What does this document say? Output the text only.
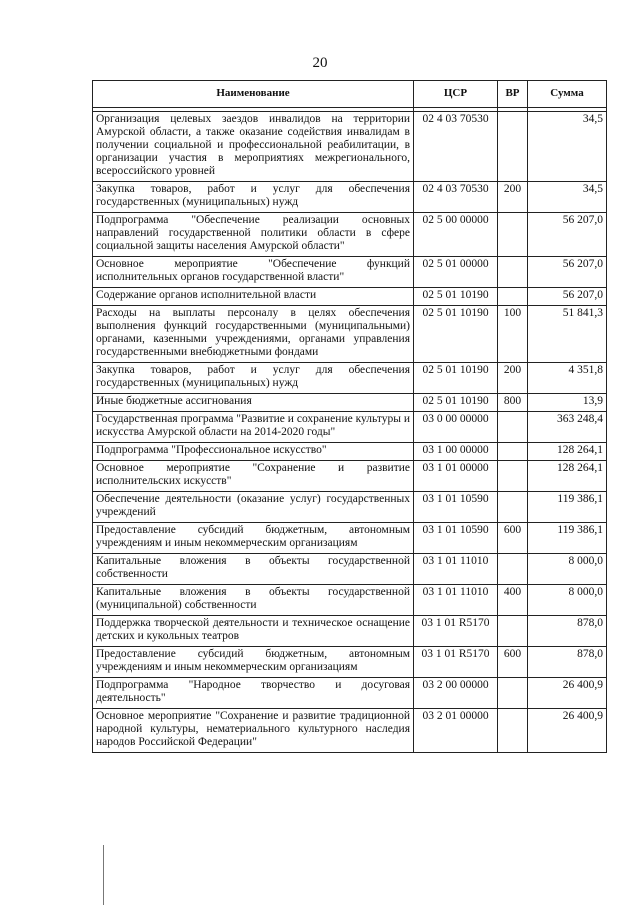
20
Наименование	ЦСР	ВР	Сумма

Организация целевых заездов инвалидов на территории Амурской области, а также оказание содействия инвалидам в получении социальной и профессиональной реабилитации, в организации участия в мероприятиях межрегионального, всероссийского уровней	02 4 03 70530		34,5
Закупка товаров, работ и услуг для обеспечения государственных (муниципальных) нужд	02 4 03 70530	200	34,5
Подпрограмма "Обеспечение реализации основных направлений государственной политики области в сфере социальной защиты населения Амурской области"	02 5 00 00000		56 207,0
Основное мероприятие "Обеспечение функций исполнительных органов государственной власти"	02 5 01 00000		56 207,0
Содержание органов исполнительной власти	02 5 01 10190		56 207,0
Расходы на выплаты персоналу в целях обеспечения выполнения функций государственными (муниципальными) органами, казенными учреждениями, органами управления государственными внебюджетными фондами	02 5 01 10190	100	51 841,3
Закупка товаров, работ и услуг для обеспечения государственных (муниципальных) нужд	02 5 01 10190	200	4 351,8
Иные бюджетные ассигнования	02 5 01 10190	800	13,9
Государственная программа "Развитие и сохранение культуры и искусства Амурской области на 2014-2020 годы"	03 0 00 00000		363 248,4
Подпрограмма "Профессиональное искусство"	03 1 00 00000		128 264,1
Основное мероприятие "Сохранение и развитие исполнительских искусств"	03 1 01 00000		128 264,1
Обеспечение деятельности (оказание услуг) государственных учреждений	03 1 01 10590		119 386,1
Предоставление субсидий бюджетным, автономным учреждениям и иным некоммерческим организациям	03 1 01 10590	600	119 386,1
Капитальные вложения в объекты государственной собственности	03 1 01 11010		8 000,0
Капитальные вложения в объекты государственной (муниципальной) собственности	03 1 01 11010	400	8 000,0
Поддержка творческой деятельности и техническое оснащение детских и кукольных театров	03 1 01 R5170		878,0
Предоставление субсидий бюджетным, автономным учреждениям и иным некоммерческим организациям	03 1 01 R5170	600	878,0
Подпрограмма "Народное творчество и досуговая деятельность"	03 2 00 00000		26 400,9
Основное мероприятие "Сохранение и развитие традиционной народной культуры, нематериального культурного наследия народов Российской Федерации"	03 2 01 00000		26 400,9
